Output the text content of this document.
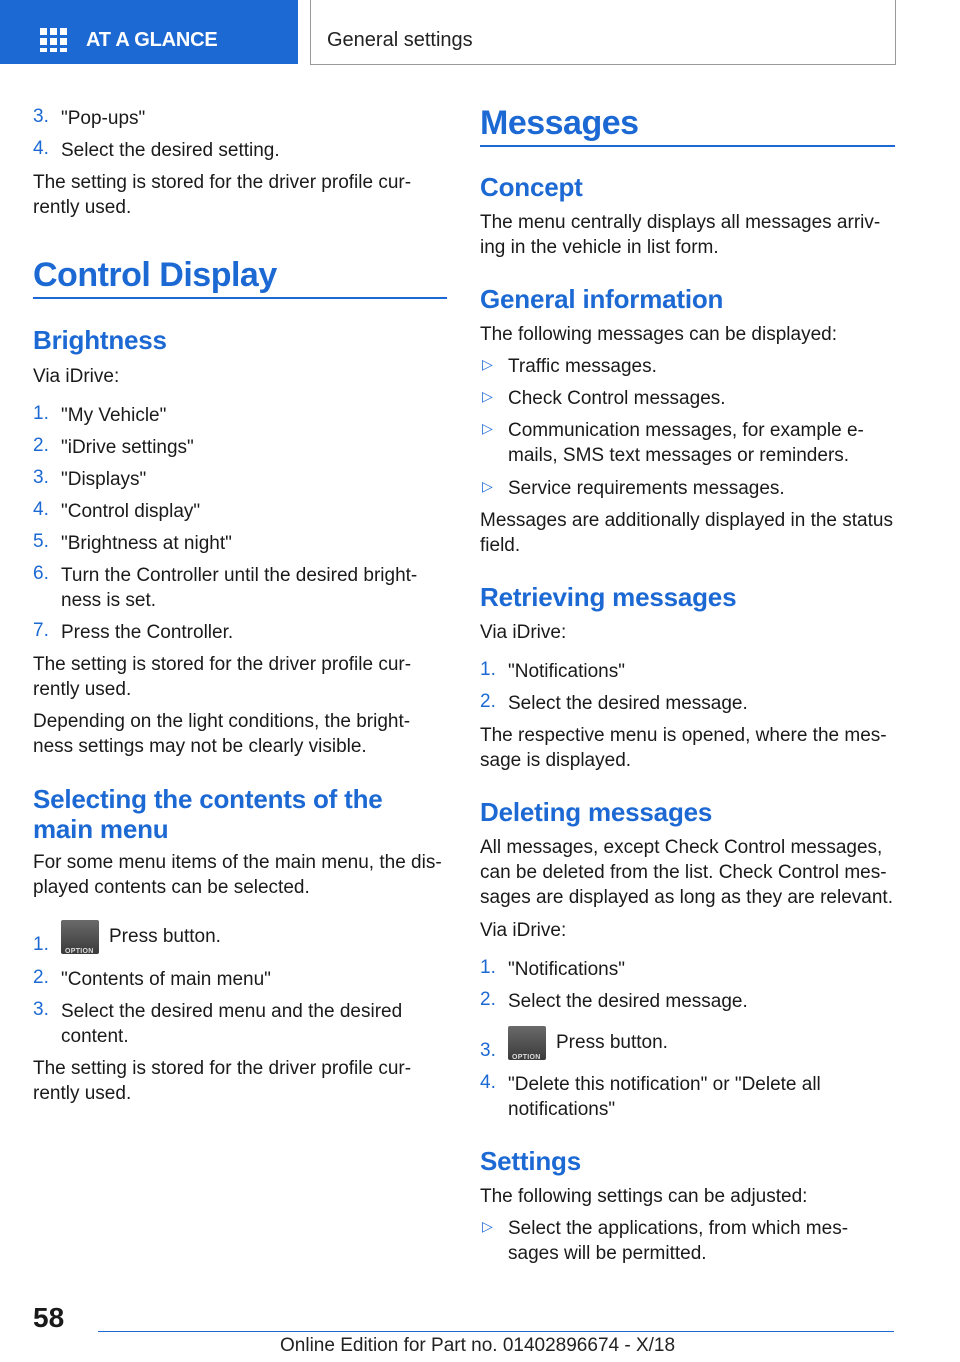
AT A GLANCE	General settings
3. "Pop-ups"
4. Select the desired setting.

The setting is stored for the driver profile cur-rently used.

Control Display
Brightness

Via iDrive:

1. "My Vehicle"
2. "iDrive settings"
3. "Displays"
4. "Control display"
5. "Brightness at night"
6. Turn the Controller until the desired bright-ness is set.
7. Press the Controller.

The setting is stored for the driver profile cur-rently used.

Depending on the light conditions, the bright-ness settings may not be clearly visible.

Selecting the contents of the main menu

For some menu items of the main menu, the dis-played contents can be selected.

1. OPTION
Press button.
2. "Contents of main menu"
3. Select the desired menu and the desired content.

The setting is stored for the driver profile cur-rently used.

Messages
Concept

The menu centrally displays all messages arriv-ing in the vehicle in list form.

General information

The following messages can be displayed:

▷ Traffic messages.
▷ Check Control messages.
▷ Communication messages, for example e-mails, SMS text messages or reminders.
▷ Service requirements messages.

Messages are additionally displayed in the status field.

Retrieving messages

Via iDrive:

1. "Notifications"
2. Select the desired message.

The respective menu is opened, where the mes-sage is displayed.

Deleting messages

All messages, except Check Control messages, can be deleted from the list. Check Control mes-sages are displayed as long as they are relevant.

Via iDrive:

1. "Notifications"
2. Select the desired message.
3. OPTION
Press button.
4. "Delete this notification" or "Delete all notifications"
Settings

The following settings can be adjusted:

▷ Select the applications, from which mes-sages will be permitted.
58
Online Edition for Part no. 01402896674 - X/18
